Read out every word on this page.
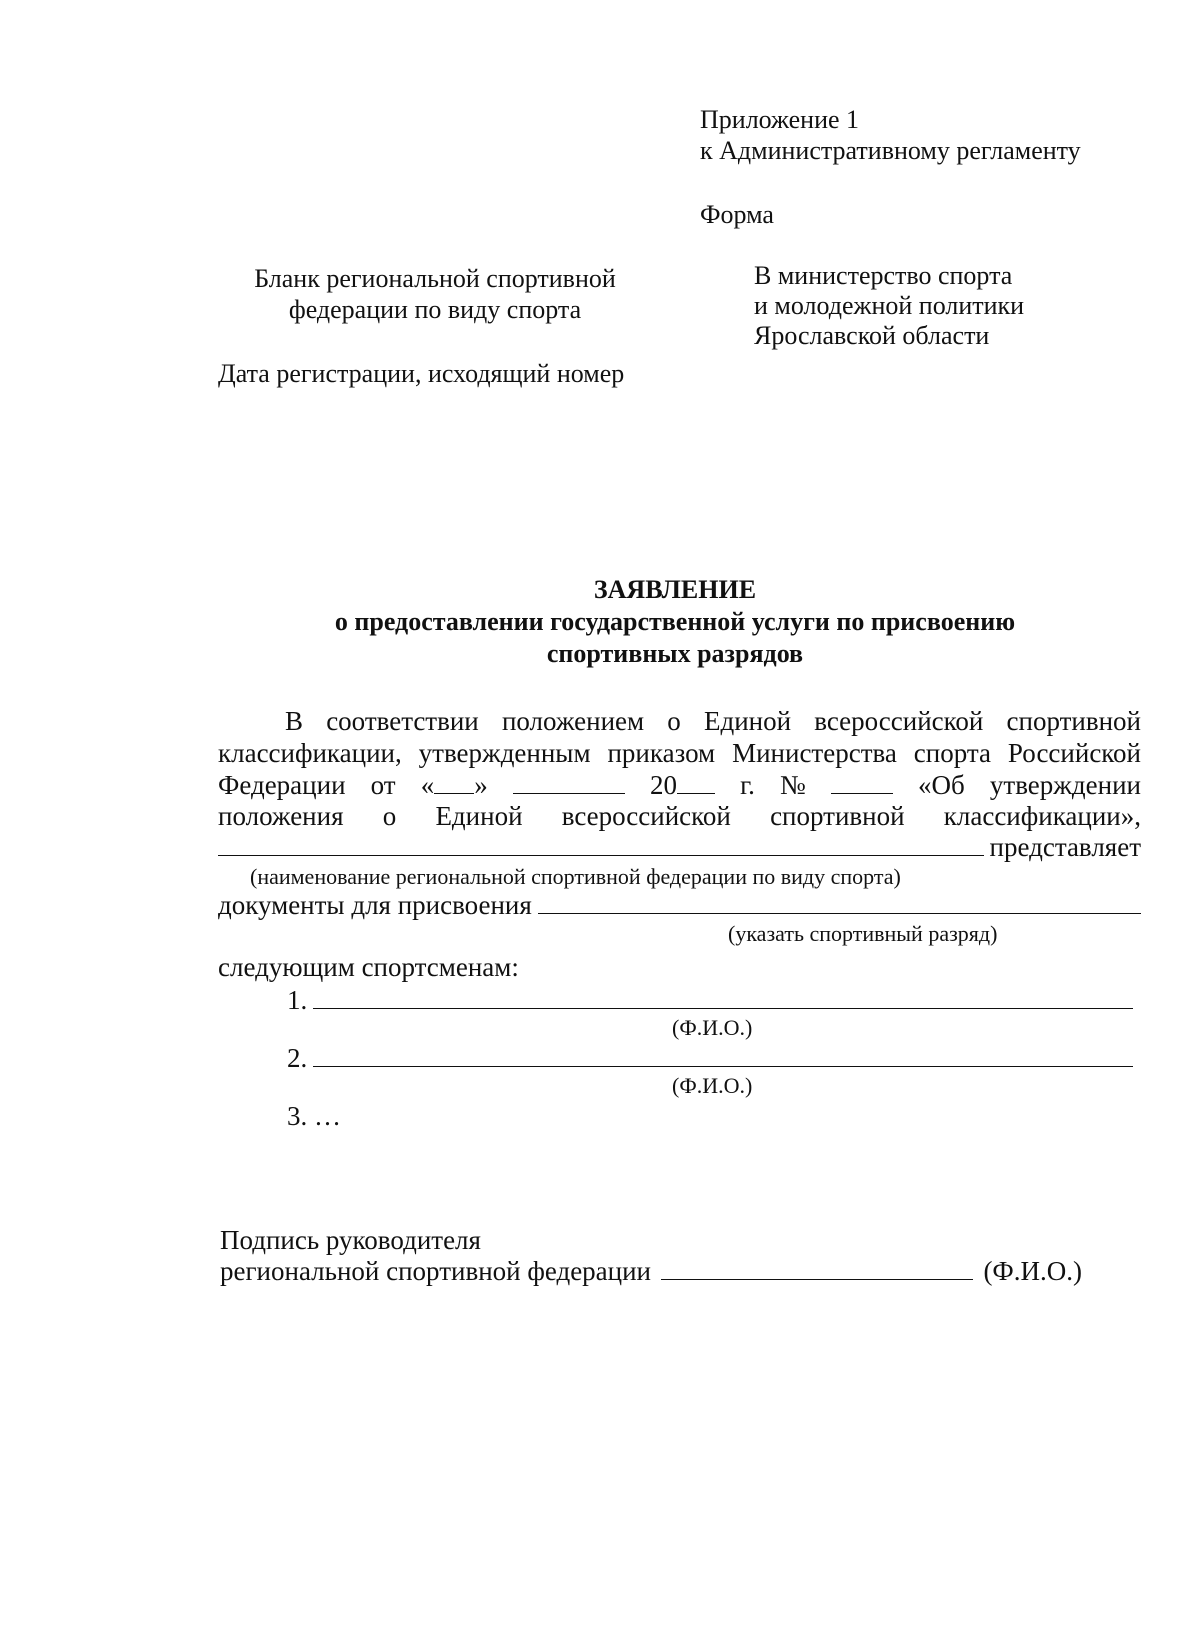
Приложение 1
к Административному регламенту
Форма
Бланк региональной спортивной
федерации по виду спорта
Дата регистрации, исходящий номер
В министерство спорта
и молодежной политики
Ярославской области
ЗАЯВЛЕНИЕ
о предоставлении государственной услуги по присвоению
спортивных разрядов
В соответствии положением о Единой всероссийской спортивной
классификации, утвержденным приказом Министерства спорта Российской
Федерации от « »	20	г. №	«Об утверждении
положения о Единой всероссийской спортивной классификации»,
представляет
(наименование региональной спортивной федерации по виду спорта)
документы для присвоения
(указать спортивный разряд)
следующим спортсменам:
1.
(Ф.И.О.)
2.
(Ф.И.О.)
3. …
Подпись руководителя
региональной спортивной федерации	(Ф.И.О.)
